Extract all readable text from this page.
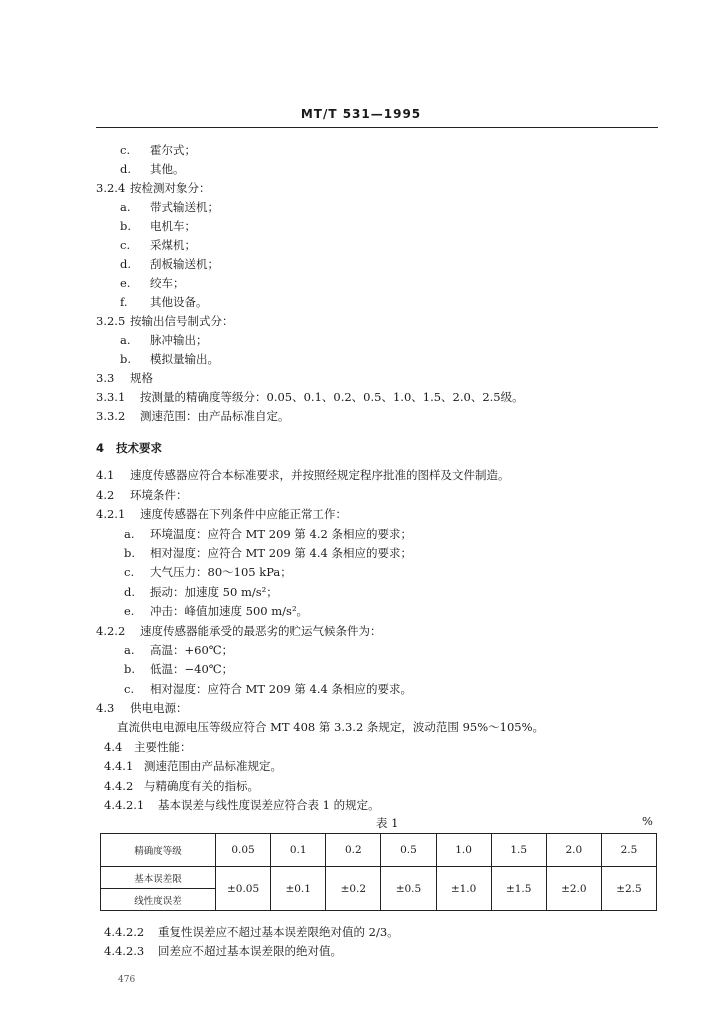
MT/T 531—1995
c. 霍尔式；
d. 其他。
3.2.4 按检测对象分：
a. 带式输送机；
b. 电机车；
c. 采煤机；
d. 刮板输送机；
e. 绞车；
f. 其他设备。
3.2.5 按输出信号制式分：
a. 脉冲输出；
b. 模拟量输出。
3.3 规格
3.3.1 按测量的精确度等级分：0.05、0.1、0.2、0.5、1.0、1.5、2.0、2.5级。
3.3.2 测速范围：由产品标准自定。
4 技术要求
4.1 速度传感器应符合本标准要求，并按照经规定程序批准的图样及文件制造。
4.2 环境条件：
4.2.1 速度传感器在下列条件中应能正常工作：
a. 环境温度：应符合 MT 209 第 4.2 条相应的要求；
b. 相对湿度：应符合 MT 209 第 4.4 条相应的要求；
c. 大气压力：80～105 kPa；
d. 振动：加速度 50 m/s²；
e. 冲击：峰值加速度 500 m/s²。
4.2.2 速度传感器能承受的最恶劣的贮运气候条件为：
a. 高温：+60℃；
b. 低温：−40℃；
c. 相对湿度：应符合 MT 209 第 4.4 条相应的要求。
4.3 供电电源：
直流供电电源电压等级应符合 MT 408 第 3.3.2 条规定，波动范围 95%～105%。
4.4 主要性能：
4.4.1 测速范围由产品标准规定。
4.4.2 与精确度有关的指标。
4.4.2.1 基本误差与线性度误差应符合表 1 的规定。
表 1	%
精确度等级	0.05	0.1	0.2	0.5	1.0	1.5	2.0	2.5
基本误差限	±0.05	±0.1	±0.2	±0.5	±1.0	±1.5	±2.0	±2.5
线性度误差								
4.4.2.2 重复性误差应不超过基本误差限绝对值的 2/3。
4.4.2.3 回差应不超过基本误差限的绝对值。
476
